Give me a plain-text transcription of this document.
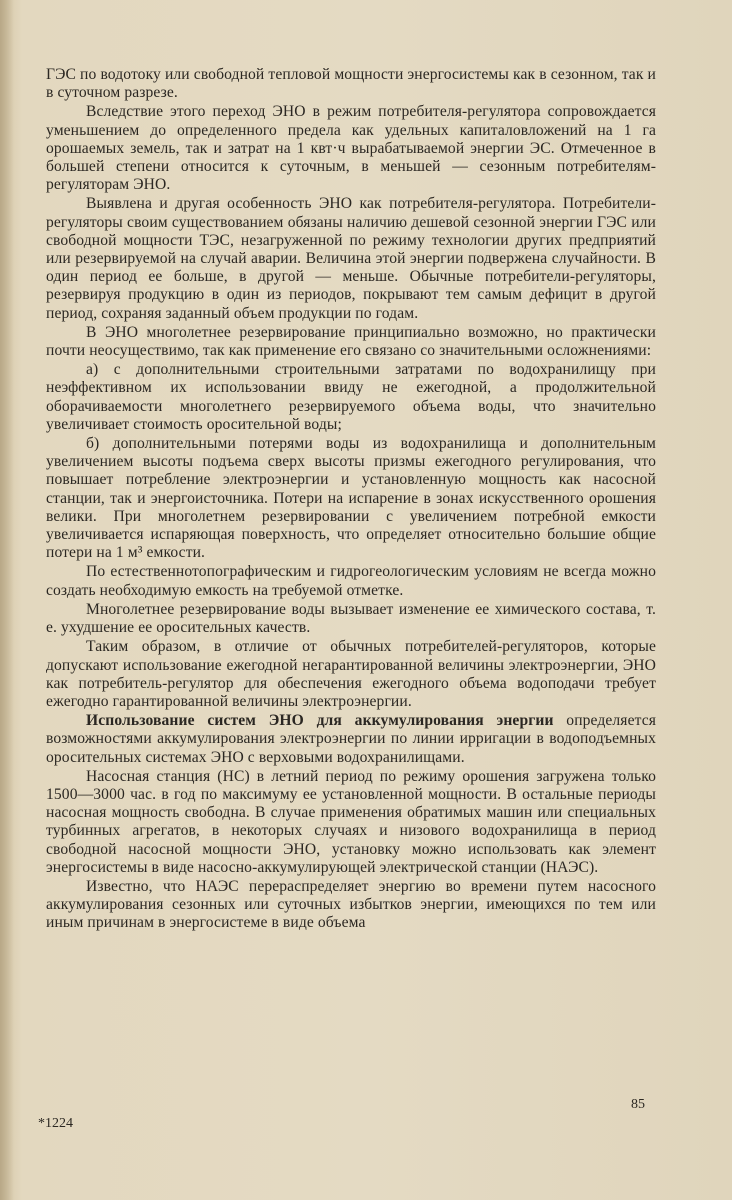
ГЭС по водотоку или свободной тепловой мощности энергосистемы как в сезонном, так и в суточном разрезе.

Вследствие этого переход ЭНО в режим потребителя-регулятора сопровождается уменьшением до определенного предела как удельных капиталовложений на 1 га орошаемых земель, так и затрат на 1 квт·ч вырабатываемой энергии ЭС. Отмеченное в большей степени относится к суточным, в меньшей — сезонным потребителям-регуляторам ЭНО.

Выявлена и другая особенность ЭНО как потребителя-регулятора. Потребители-регуляторы своим существованием обязаны наличию дешевой сезонной энергии ГЭС или свободной мощности ТЭС, незагруженной по режиму технологии других предприятий или резервируемой на случай аварии. Величина этой энергии подвержена случайности. В один период ее больше, в другой — меньше. Обычные потребители-регуляторы, резервируя продукцию в один из периодов, покрывают тем самым дефицит в другой период, сохраняя заданный объем продукции по годам.

В ЭНО многолетнее резервирование принципиально возможно, но практически почти неосуществимо, так как применение его связано со значительными осложнениями:

а) с дополнительными строительными затратами по водохранилищу при неэффективном их использовании ввиду не ежегодной, а продолжительной оборачиваемости многолетнего резервируемого объема воды, что значительно увеличивает стоимость оросительной воды;

б) дополнительными потерями воды из водохранилища и дополнительным увеличением высоты подъема сверх высоты призмы ежегодного регулирования, что повышает потребление электроэнергии и установленную мощность как насосной станции, так и энергоисточника. Потери на испарение в зонах искусственного орошения велики. При многолетнем резервировании с увеличением потребной емкости увеличивается испаряющая поверхность, что определяет относительно большие общие потери на 1 м³ емкости.

По естественнотопографическим и гидрогеологическим условиям не всегда можно создать необходимую емкость на требуемой отметке.

Многолетнее резервирование воды вызывает изменение ее химического состава, т. е. ухудшение ее оросительных качеств.

Таким образом, в отличие от обычных потребителей-регуляторов, которые допускают использование ежегодной негарантированной величины электроэнергии, ЭНО как потребитель-регулятор для обеспечения ежегодного объема водоподачи требует ежегодно гарантированной величины электроэнергии.

Использование систем ЭНО для аккумулирования энергии определяется возможностями аккумулирования электроэнергии по линии ирригации в водоподъемных оросительных системах ЭНО с верховыми водохранилищами.

Насосная станция (НС) в летний период по режиму орошения загружена только 1500—3000 час. в год по максимуму ее установленной мощности. В остальные периоды насосная мощность свободна. В случае применения обратимых машин или специальных турбинных агрегатов, в некоторых случаях и низового водохранилища в период свободной насосной мощности ЭНО, установку можно использовать как элемент энергосистемы в виде насосно-аккумулирующей электрической станции (НАЭС).

Известно, что НАЭС перераспределяет энергию во времени путем насосного аккумулирования сезонных или суточных избытков энергии, имеющихся по тем или иным причинам в энергосистеме в виде объема

*1224
85
